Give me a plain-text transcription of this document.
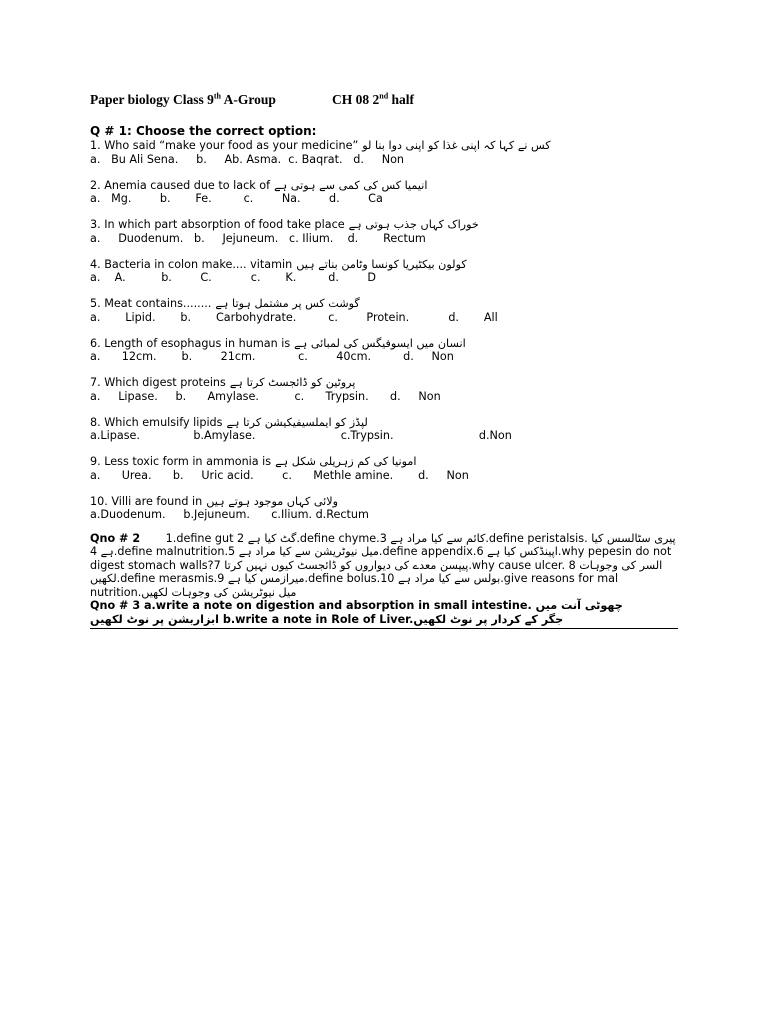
Paper biology Class 9th A-Group	CH 08 2nd half
Q # 1: Choose the correct option:
1. Who said “make your food as your medicine” کس نے کہا کہ اپنی غذا کو اپنی دوا بنا لو
a.   Bu Ali Sena.     b.     Ab. Asma.  c. Baqrat.   d.     Non
2. Anemia caused due to lack of انیمیا کس کی کمی سے ہوتی ہے
a.   Mg.        b.       Fe.         c.        Na.        d.        Ca
3. In which part absorption of food take place خوراک کہاں جذب ہوتی ہے
a.     Duodenum.   b.     Jejuneum.   c. Ilium.    d.       Rectum
4. Bacteria in colon make.... vitamin کولون بیکٹیریا کونسا وٹامن بناتے ہیں
a.    A.          b.        C.           c.       K.         d.        D
5. Meat contains........ گوشت کس پر مشتمل ہوتا ہے
a.       Lipid.       b.       Carbohydrate.         c.        Protein.           d.       All
6. Length of esophagus in human is انسان میں ایسوفیگس کی لمبائی ہے
a.      12cm.       b.        21cm.            c.        40cm.         d.     Non
7. Which digest proteins پروٹین کو ڈائجسٹ کرتا ہے
a.     Lipase.     b.      Amylase.          c.      Trypsin.      d.     Non
8. Which emulsify lipids لپڈز کو ایملسیفیکیشن کرتا ہے
a.Lipase.               b.Amylase.                        c.Trypsin.                        d.Non
9. Less toxic form in ammonia is امونیا کی کم زہریلی شکل ہے
a.      Urea.      b.     Uric acid.        c.      Methle amine.       d.     Non
10. Villi are found in ولائی کہاں موجود ہوتے ہیں
a.Duodenum.     b.Jejuneum.      c.Ilium. d.Rectum
Qno # 2 1.define gut 2 گٹ کیا ہے.define chyme.3 کائم سے کیا مراد ہے.define peristalsis. پیری سٹالسس کیا ہے 4.define malnutrition.5 میل نیوٹریشن سے کیا مراد ہے.define appendix.6 اپینڈکس کیا ہے.why pepesin do not digest stomach walls?7 پیپسن معدے کی دیواروں کو ڈائجسٹ کیوں نہیں کرتا.why cause ulcer. 8 السر کی وجوہات لکھیں.define merasmis.9 میرازمس کیا ہے.define bolus.10 بولس سے کیا مراد ہے.give reasons for mal nutrition.میل نیوٹریشن کی وجوہات لکھیں
Qno # 3 a.write a note on digestion and absorption in small intestine. چھوٹی آنت میں
ابزاربشن پر نوٹ لکھیں b.write a note in Role of Liver.جگر کے کردار پر نوٹ لکھیں
